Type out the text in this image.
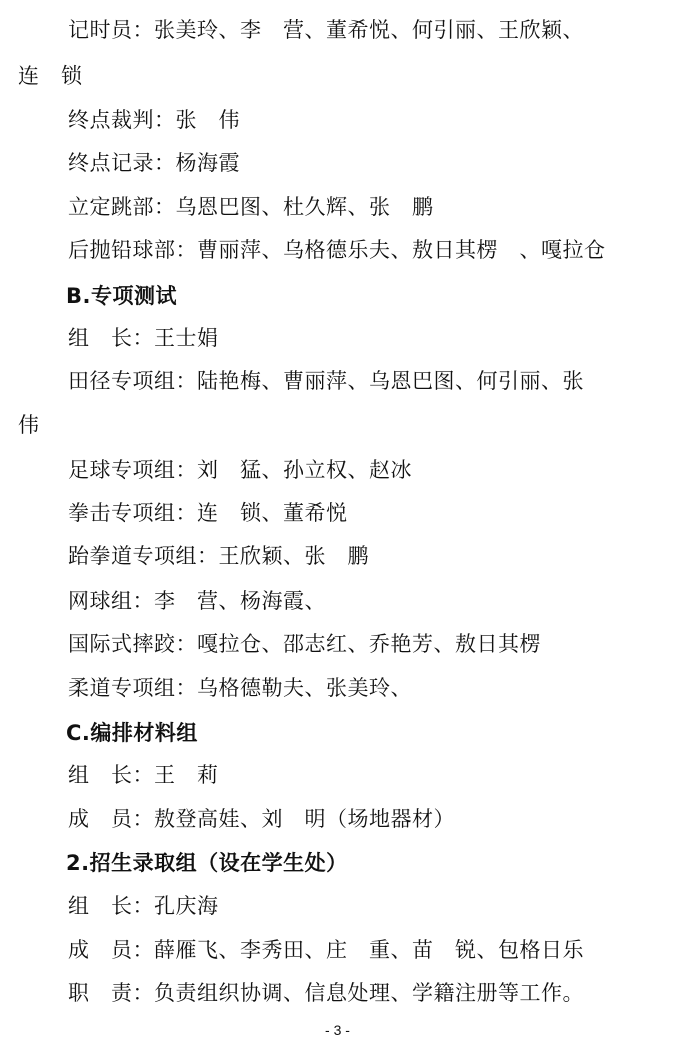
记时员：张美玲、李　营、董希悦、何引丽、王欣颖、
连　锁
终点裁判：张　伟
终点记录：杨海霞
立定跳部：乌恩巴图、杜久辉、张　鹏
后抛铅球部：曹丽萍、乌格德乐夫、敖日其楞　、嘎拉仓
B.专项测试
组　长：王士娟
田径专项组：陆艳梅、曹丽萍、乌恩巴图、何引丽、张
伟
足球专项组：刘　猛、孙立权、赵冰
拳击专项组：连　锁、董希悦
跆拳道专项组：王欣颖、张　鹏
网球组：李　营、杨海霞、
国际式摔跤：嘎拉仓、邵志红、乔艳芳、敖日其楞
柔道专项组：乌格德勒夫、张美玲、
C.编排材料组
组　长：王　莉
成　员：敖登高娃、刘　明（场地器材）
2.招生录取组（设在学生处）
组　长：孔庆海
成　员：薛雁飞、李秀田、庄　重、苗　锐、包格日乐
职　责：负责组织协调、信息处理、学籍注册等工作。
- 3 -
